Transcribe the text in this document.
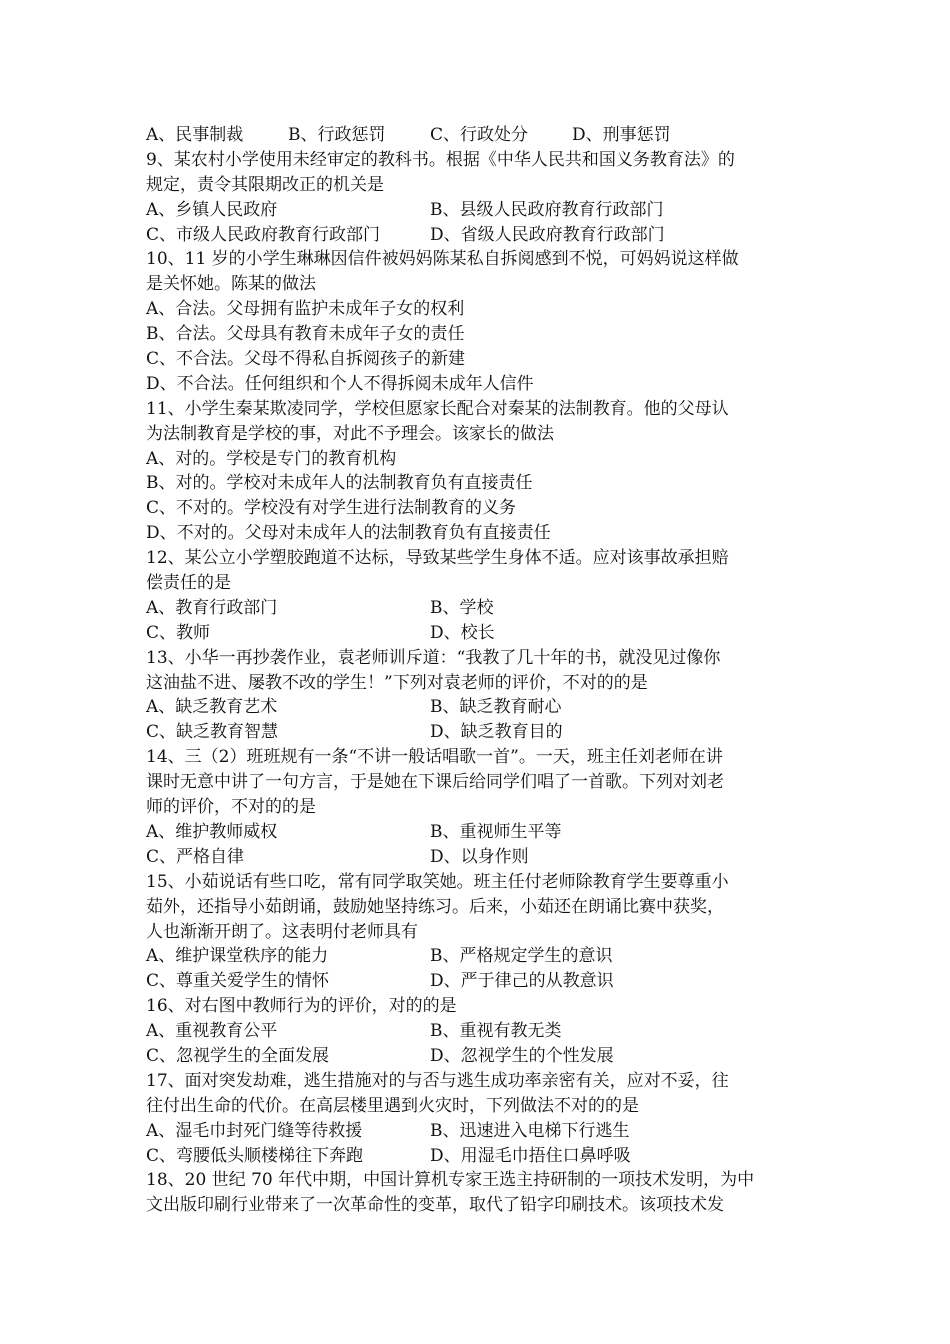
A、民事制裁	B、行政惩罚	C、行政处分	D、刑事惩罚
9、某农村小学使用未经审定的教科书。根据《中华人民共和国义务教育法》的
规定，责令其限期改正的机关是
A、乡镇人民政府	B、县级人民政府教育行政部门
C、市级人民政府教育行政部门	D、省级人民政府教育行政部门
10、11 岁的小学生琳琳因信件被妈妈陈某私自拆阅感到不悦，可妈妈说这样做
是关怀她。陈某的做法
A、合法。父母拥有监护未成年子女的权利
B、合法。父母具有教育未成年子女的责任
C、不合法。父母不得私自拆阅孩子的新建
D、不合法。任何组织和个人不得拆阅未成年人信件
11、小学生秦某欺凌同学，学校但愿家长配合对秦某的法制教育。他的父母认
为法制教育是学校的事，对此不予理会。该家长的做法
A、对的。学校是专门的教育机构
B、对的。学校对未成年人的法制教育负有直接责任
C、不对的。学校没有对学生进行法制教育的义务
D、不对的。父母对未成年人的法制教育负有直接责任
12、某公立小学塑胶跑道不达标，导致某些学生身体不适。应对该事故承担赔
偿责任的是
A、教育行政部门	B、学校
C、教师	D、校长
13、小华一再抄袭作业，袁老师训斥道：“我教了几十年的书，就没见过像你
这油盐不进、屡教不改的学生！”下列对袁老师的评价，不对的的是
A、缺乏教育艺术	B、缺乏教育耐心
C、缺乏教育智慧	D、缺乏教育目的
14、三（2）班班规有一条“不讲一般话唱歌一首”。一天，班主任刘老师在讲
课时无意中讲了一句方言，于是她在下课后给同学们唱了一首歌。下列对刘老
师的评价，不对的的是
A、维护教师威权	B、重视师生平等
C、严格自律	D、以身作则
15、小茹说话有些口吃，常有同学取笑她。班主任付老师除教育学生要尊重小
茹外，还指导小茹朗诵，鼓励她坚持练习。后来，小茹还在朗诵比赛中获奖，
人也渐渐开朗了。这表明付老师具有
A、维护课堂秩序的能力	B、严格规定学生的意识
C、尊重关爱学生的情怀	D、严于律己的从教意识
16、对右图中教师行为的评价，对的的是
A、重视教育公平	B、重视有教无类
C、忽视学生的全面发展	D、忽视学生的个性发展
17、面对突发劫难，逃生措施对的与否与逃生成功率亲密有关，应对不妥，往
往付出生命的代价。在高层楼里遇到火灾时，下列做法不对的的是
A、湿毛巾封死门缝等待救援	B、迅速进入电梯下行逃生
C、弯腰低头顺楼梯往下奔跑	D、用湿毛巾捂住口鼻呼吸
18、20 世纪 70 年代中期，中国计算机专家王选主持研制的一项技术发明，为中
文出版印刷行业带来了一次革命性的变革，取代了铅字印刷技术。该项技术发
